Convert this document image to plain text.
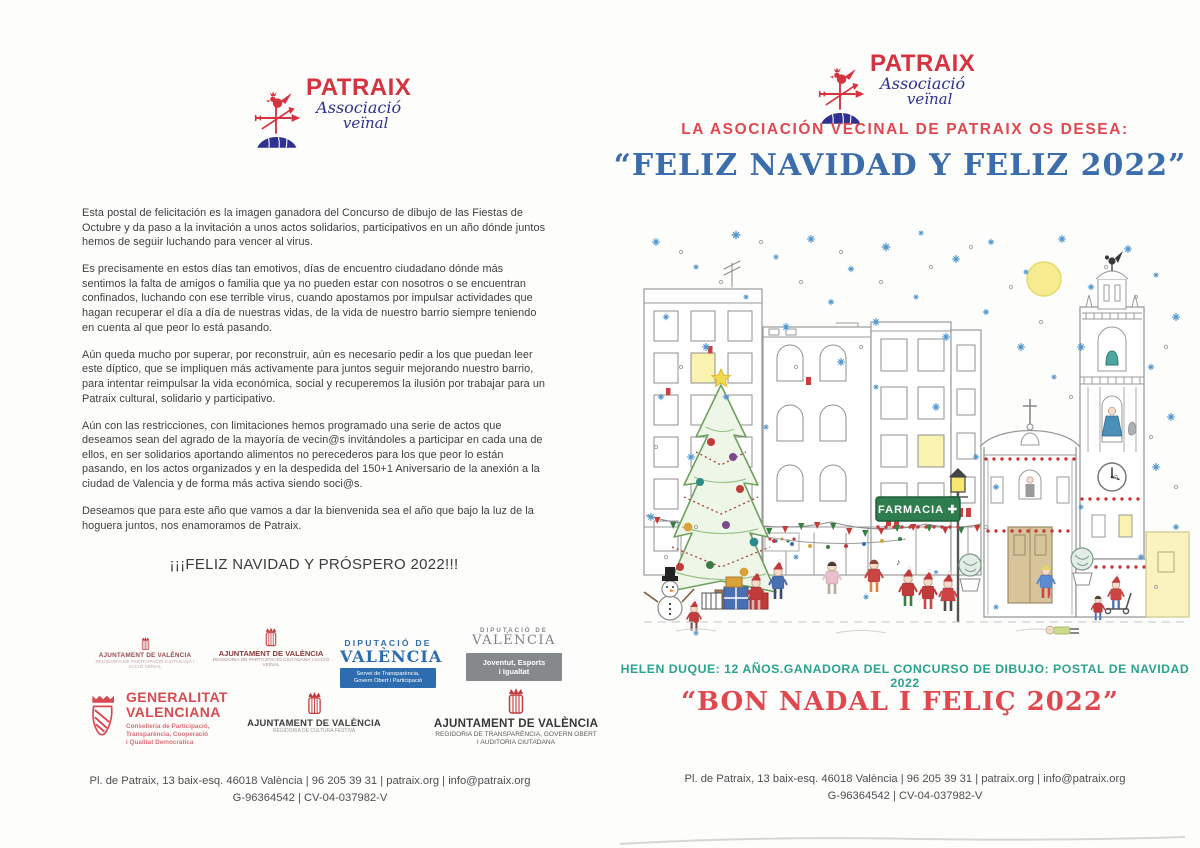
PATRAIX
Associació
veïnal

Esta postal de felicitación es la imagen ganadora del Concurso de dibujo de las Fiestas de Octubre y da paso a la invitación a unos actos solidarios, participativos en un año dónde juntos hemos de seguir luchando para vencer al virus.

Es precisamente en estos días tan emotivos, días de encuentro ciudadano dónde más sentimos la falta de amigos o familia que ya no pueden estar con nosotros o se encuentran confinados, luchando con ese terrible virus, cuando apostamos por impulsar actividades que hagan recuperar el día a día de nuestras vidas, de la vida de nuestro barrio siempre teniendo en cuenta al que peor lo está pasando.

Aún queda mucho por superar, por reconstruir, aún es necesario pedir a los que puedan leer este díptico, que se impliquen más activamente para juntos seguir mejorando nuestro barrio, para intentar reimpulsar la vida económica, social y recuperemos la ilusión por trabajar para un Patraix cultural, solidario y participativo.

Aún con las restricciones, con limitaciones hemos programado una serie de actos que deseamos sean del agrado de la mayoría de vecin@s invitándoles a participar en cada una de ellos, en ser solidarios aportando alimentos no perecederos para los que peor lo están pasando, en los actos organizados y en la despedida del 150+1 Aniversario de la anexión a la ciudad de Valencia y de forma más activa siendo soci@s.

Deseamos que para este año que vamos a dar la bienvenida sea el año que bajo la luz de la hoguera juntos, nos enamoramos de Patraix.

¡¡¡FELIZ NAVIDAD Y PRÓSPERO 2022!!!
AJUNTAMENT DE VALÈNCIA
REGIDORIA DE PARTICIPACIÓ CIUTADANA I ACCIÓ VEÏNAL
AJUNTAMENT DE VALÈNCIA
REGIDORIA DE PARTICIPACIÓ CIUTADANA I ACCIÓ VEÏNAL
DIPUTACIÓ DE
VALÈNCIA
Servei de Transparència,
Govern Obert i Participació
DIPUTACIÓ DE
VALÈNCIA
Joventut, Esports
i Igualtat
GENERALITAT
VALENCIANA
Conselleria de Participació,
Transparència, Cooperació
i Qualitat Democràtica
AJUNTAMENT DE VALÈNCIA
REGIDORIA DE CULTURA FESTIVA
AJUNTAMENT DE VALÈNCIA
REGIDORIA DE TRANSPARÈNCIA, GOVERN OBERT
I AUDITORIA CIUTADANA
Pl. de Patraix, 13 baix-esq. 46018 València | 96 205 39 31 | patraix.org | info@patraix.org
G-96364542 | CV-04-037982-V
PATRAIX
Associació
veïnal
LA ASOCIACIÓN VECINAL DE PATRAIX OS DESEA:
“FELIZ NAVIDAD Y FELIZ 2022”
FARMACIA ✚
♪
HELEN DUQUE: 12 AÑOS.GANADORA DEL CONCURSO DE DIBUJO: POSTAL DE NAVIDAD 2022
“BON NADAL I FELIÇ 2022”
Pl. de Patraix, 13 baix-esq. 46018 València | 96 205 39 31 | patraix.org | info@patraix.org
G-96364542 | CV-04-037982-V
